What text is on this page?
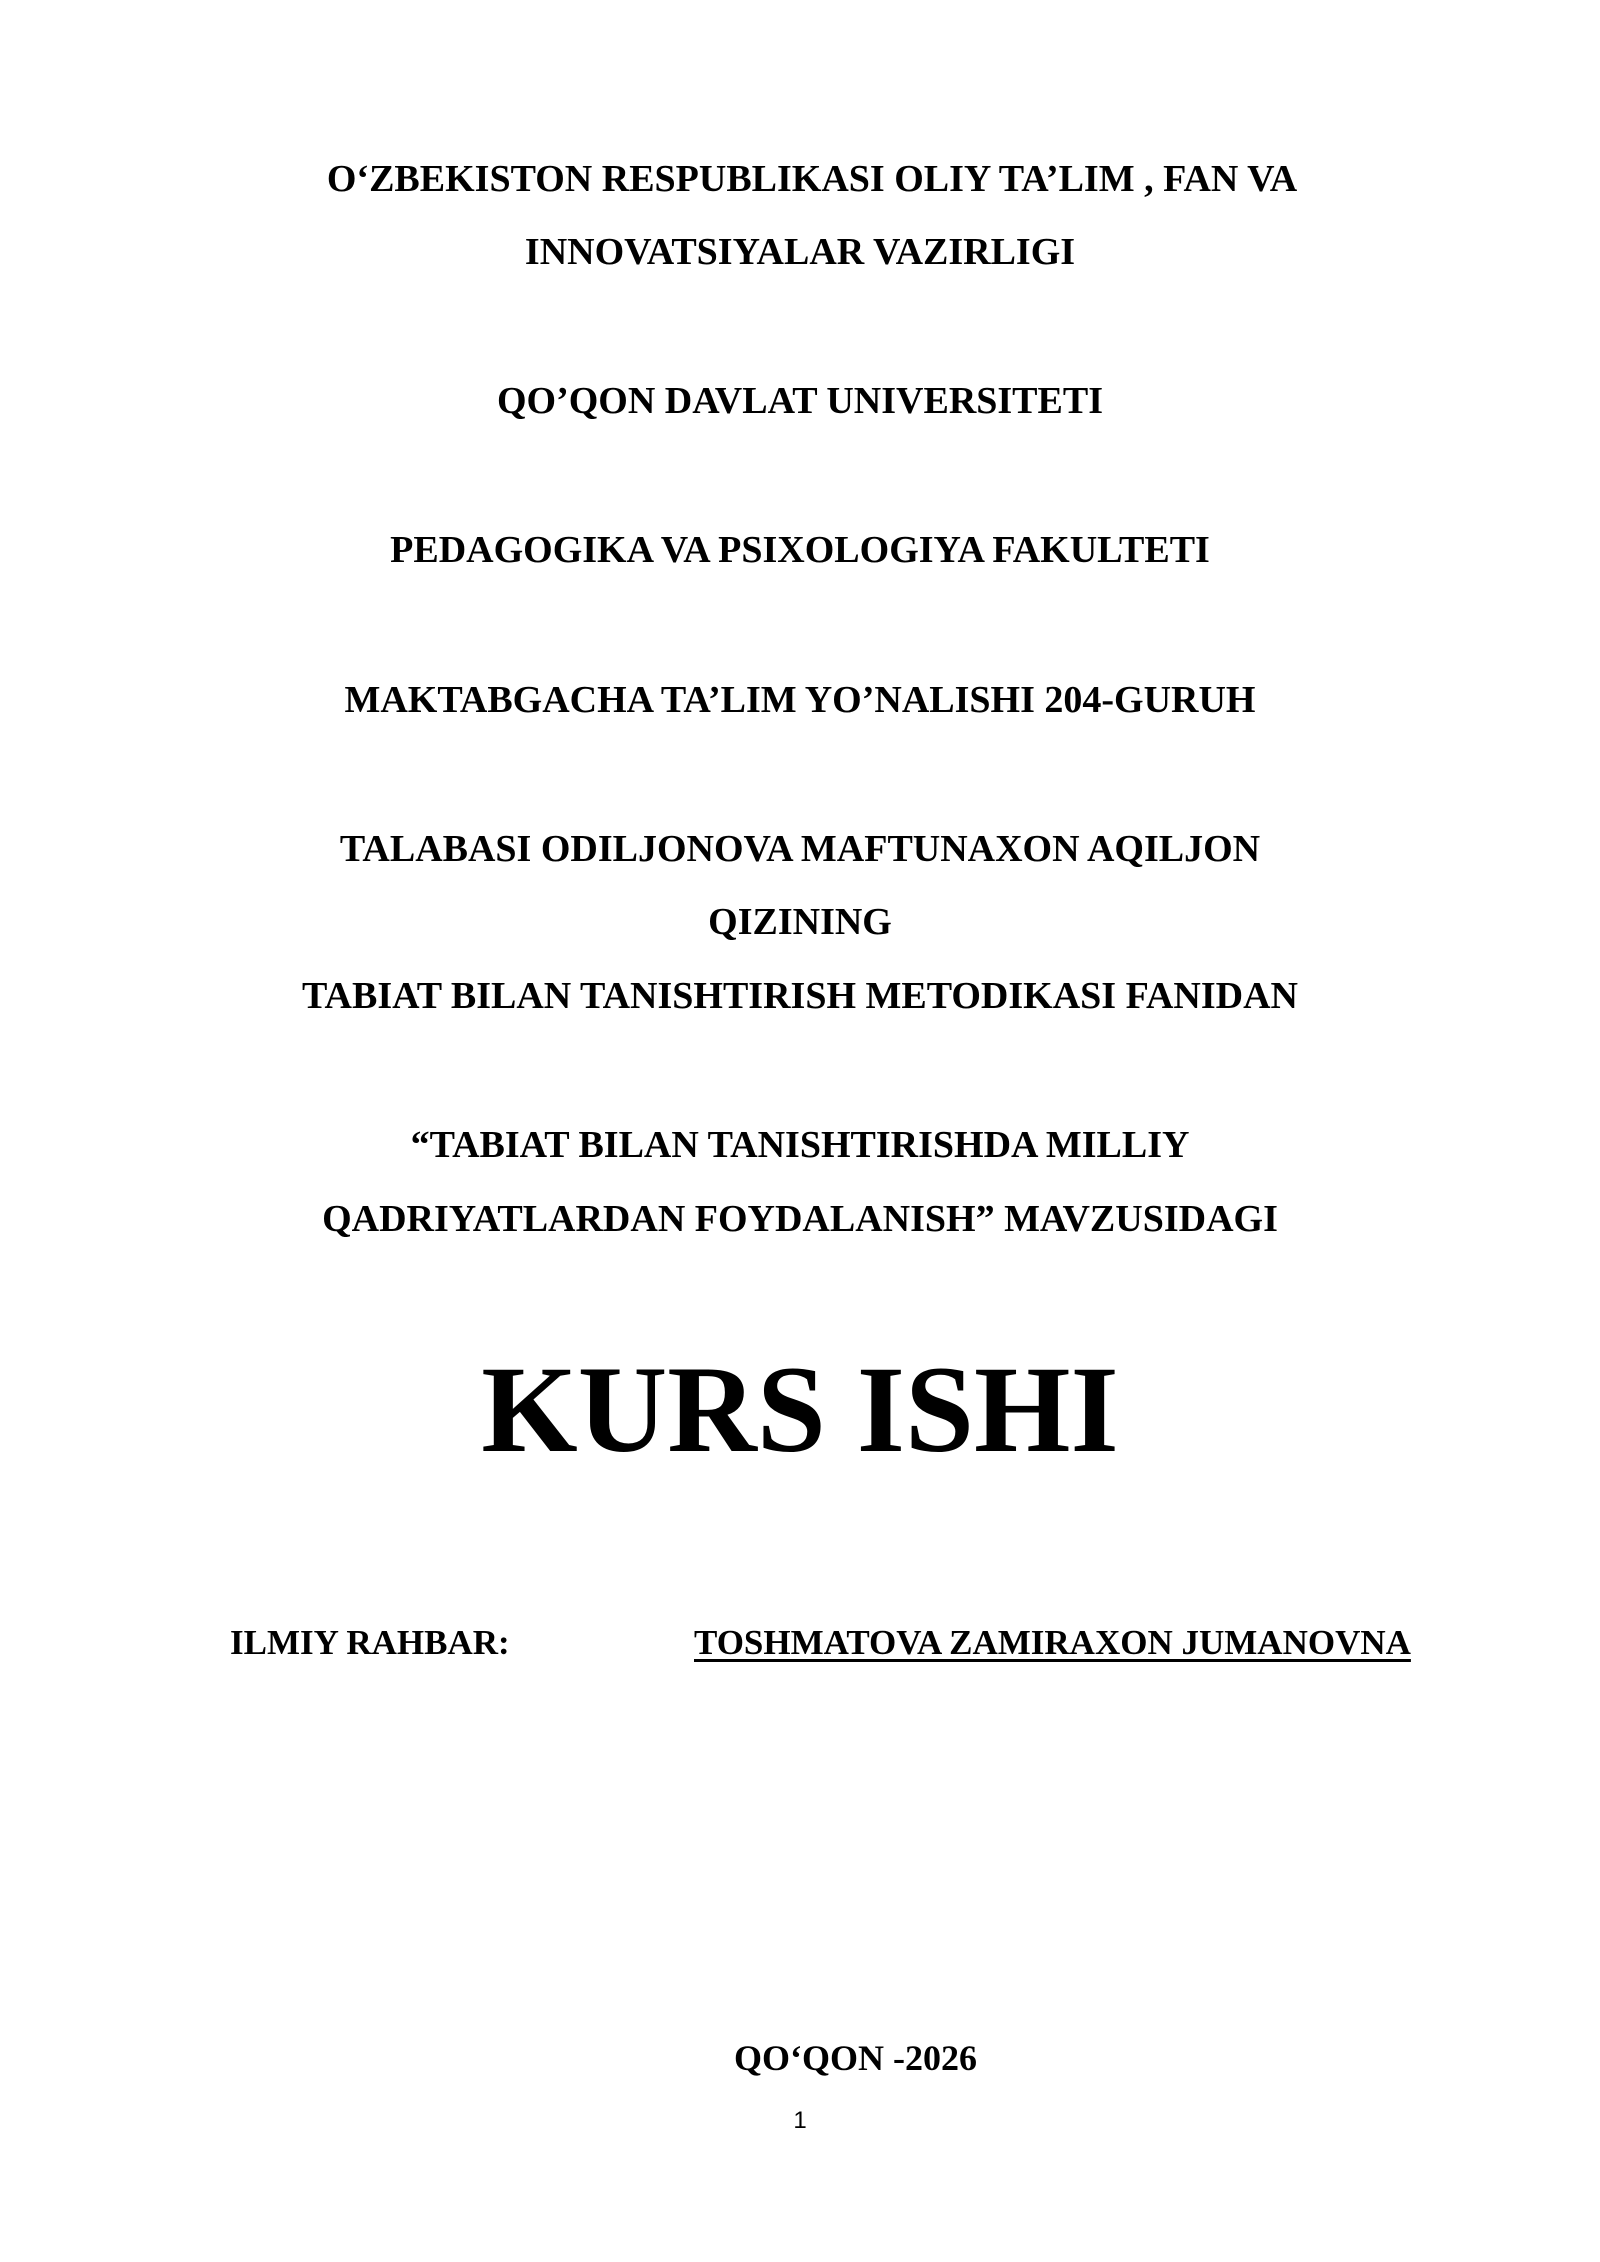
O‘ZBEKISTON RESPUBLIKASI OLIY TA’LIM , FAN VA
INNOVATSIYALAR VAZIRLIGI
QO’QON DAVLAT UNIVERSITETI
PEDAGOGIKA VA PSIXOLOGIYA FAKULTETI
MAKTABGACHA TA’LIM YO’NALISHI 204-GURUH
TALABASI ODILJONOVA MAFTUNAXON AQILJON
QIZINING
TABIAT BILAN TANISHTIRISH METODIKASI FANIDAN
“TABIAT BILAN TANISHTIRISHDA MILLIY
QADRIYATLARDAN FOYDALANISH” MAVZUSIDAGI
KURS ISHI
ILMIY RAHBAR:	TOSHMATOVA ZAMIRAXON JUMANOVNA
QO‘QON -2026
1
